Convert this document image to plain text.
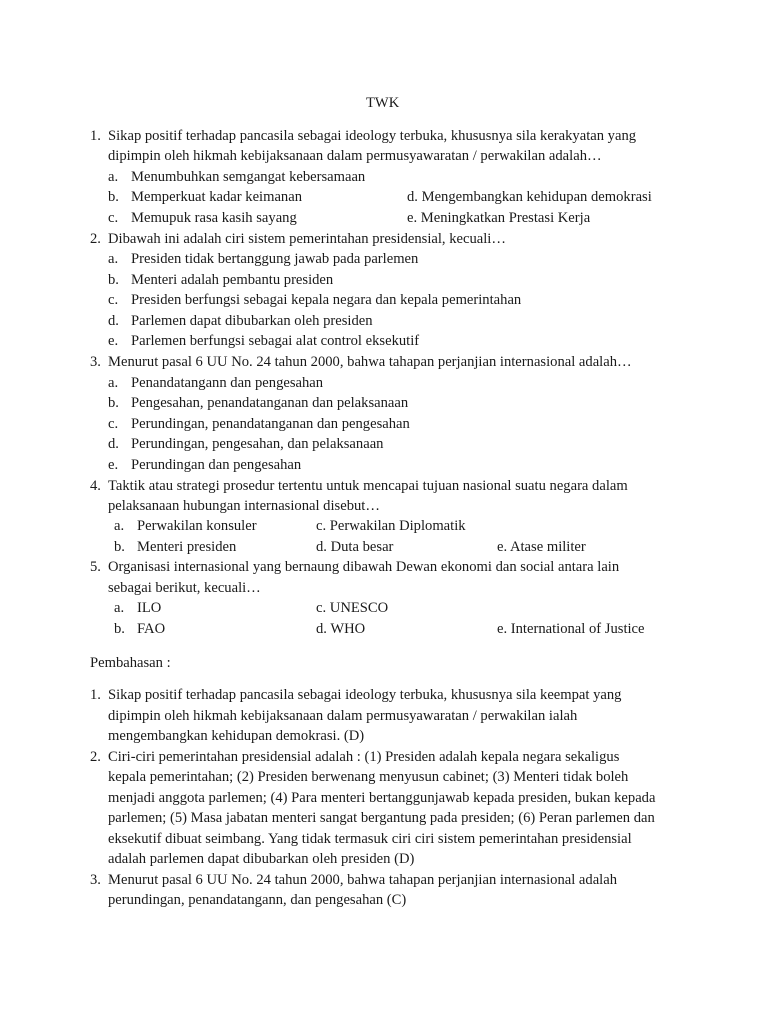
TWK
1. Sikap positif terhadap pancasila sebagai ideology terbuka, khususnya sila kerakyatan yang
dipimpin oleh hikmah kebijaksanaan dalam permusyawaratan / perwakilan adalah…
a. Menumbuhkan semgangat kebersamaan
b. Memperkuat kadar keimanan
c. Memupuk rasa kasih sayang
d. Mengembangkan kehidupan demokrasi
e. Meningkatkan Prestasi Kerja
2. Dibawah ini adalah ciri sistem pemerintahan presidensial, kecuali…
a. Presiden tidak bertanggung jawab pada parlemen
b. Menteri adalah pembantu presiden
c. Presiden berfungsi sebagai kepala negara dan kepala pemerintahan
d. Parlemen dapat dibubarkan oleh presiden
e. Parlemen berfungsi sebagai alat control eksekutif
3. Menurut pasal 6 UU No. 24 tahun 2000, bahwa tahapan perjanjian internasional adalah…
a. Penandatangann dan pengesahan
b. Pengesahan, penandatanganan dan pelaksanaan
c. Perundingan, penandatanganan dan pengesahan
d. Perundingan, pengesahan, dan pelaksanaan
e. Perundingan dan pengesahan
4. Taktik atau strategi prosedur tertentu untuk mencapai tujuan nasional suatu negara dalam
pelaksanaan hubungan internasional disebut…
a. Perwakilan konsuler
b. Menteri presiden
c. Perwakilan Diplomatik
d. Duta besar	e. Atase militer
5. Organisasi internasional yang bernaung dibawah Dewan ekonomi dan social antara lain
sebagai berikut, kecuali…
a. ILO
b. FAO
c. UNESCO
d. WHO	e. International of Justice
Pembahasan :
1. Sikap positif terhadap pancasila sebagai ideology terbuka, khususnya sila keempat yang
dipimpin oleh hikmah kebijaksanaan dalam permusyawaratan / perwakilan ialah
mengembangkan kehidupan demokrasi. (D)
2. Ciri-ciri pemerintahan presidensial adalah : (1) Presiden adalah kepala negara sekaligus
kepala pemerintahan; (2) Presiden berwenang menyusun cabinet; (3) Menteri tidak boleh
menjadi anggota parlemen; (4) Para menteri bertanggunjawab kepada presiden, bukan kepada
parlemen; (5) Masa jabatan menteri sangat bergantung pada presiden; (6) Peran parlemen dan
eksekutif dibuat seimbang. Yang tidak termasuk ciri ciri sistem pemerintahan presidensial
adalah parlemen dapat dibubarkan oleh presiden (D)
3. Menurut pasal 6 UU No. 24 tahun 2000, bahwa tahapan perjanjian internasional adalah
perundingan, penandatangann, dan pengesahan (C)
